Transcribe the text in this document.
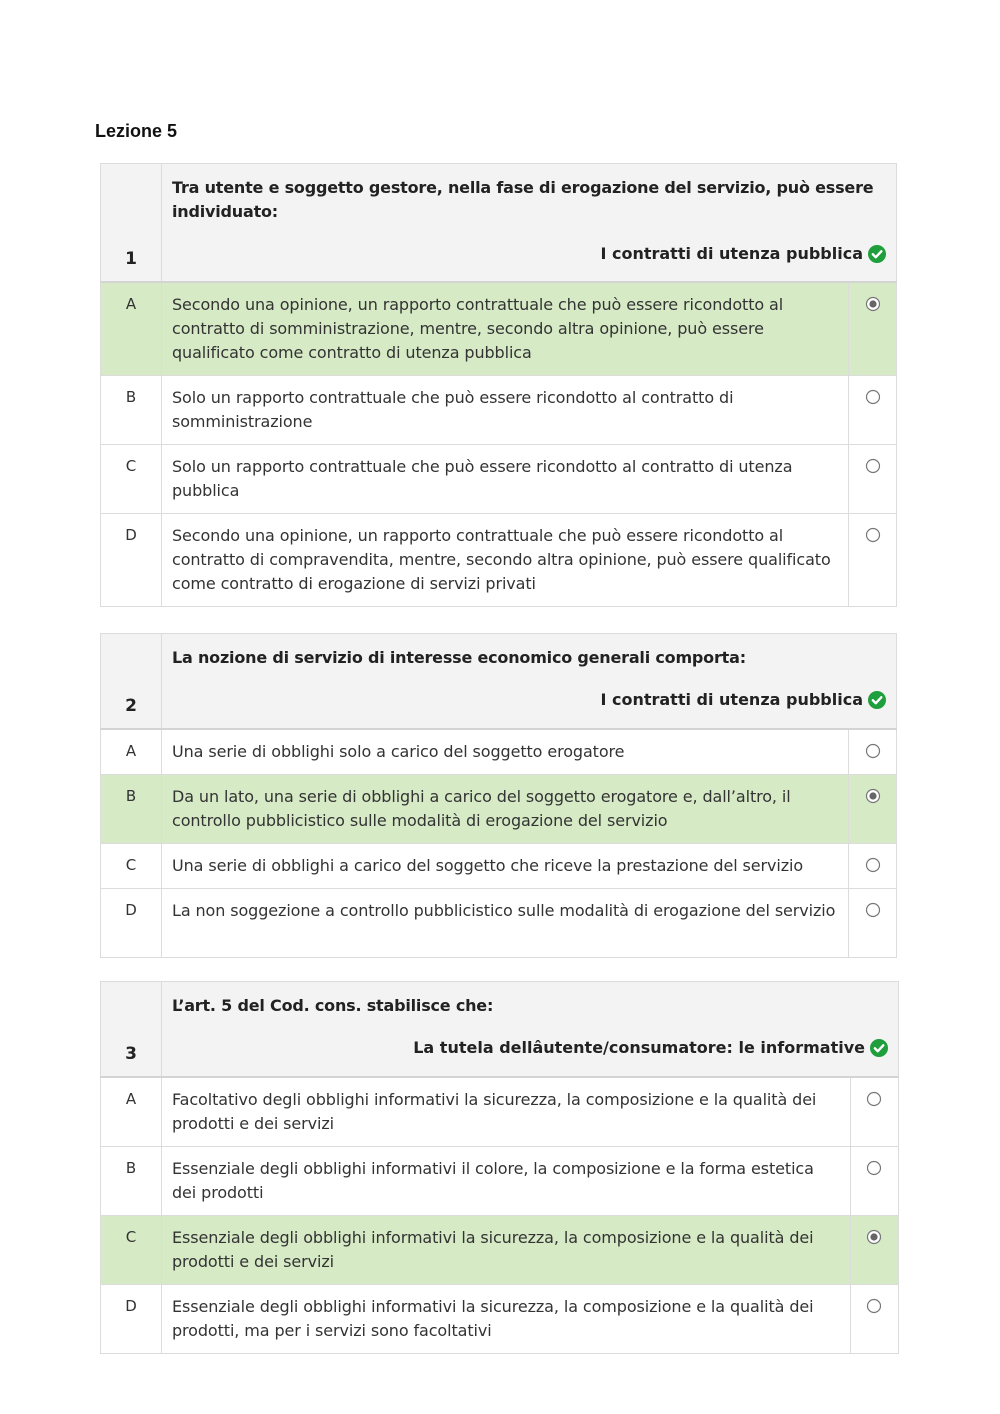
Lezione 5
1	Tra utente e soggetto gestore, nella fase di erogazione del servizio, può essere individuato:
I contratti di utenza pubblica	

A	Secondo una opinione, un rapporto contrattuale che può essere ricondotto al contratto di somministrazione, mentre, secondo altra opinione, può essere qualificato come contratto di utenza pubblica	
B	Solo un rapporto contrattuale che può essere ricondotto al contratto di somministrazione	
C	Solo un rapporto contrattuale che può essere ricondotto al contratto di utenza pubblica	
D	Secondo una opinione, un rapporto contrattuale che può essere ricondotto al contratto di compravendita, mentre, secondo altra opinione, può essere qualificato come contratto di erogazione di servizi privati	
2	La nozione di servizio di interesse economico generali comporta:
I contratti di utenza pubblica	

A	Una serie di obblighi solo a carico del soggetto erogatore	
B	Da un lato, una serie di obblighi a carico del soggetto erogatore e, dall’altro, il controllo pubblicistico sulle modalità di erogazione del servizio	
C	Una serie di obblighi a carico del soggetto che riceve la prestazione del servizio	
D	La non soggezione a controllo pubblicistico sulle modalità di erogazione del servizio	
3	L’art. 5 del Cod. cons. stabilisce che:
La tutela dellâutente/consumatore: le informative	

A	Facoltativo degli obblighi informativi la sicurezza, la composizione e la qualità dei prodotti e dei servizi	
B	Essenziale degli obblighi informativi il colore, la composizione e la forma estetica dei prodotti	
C	Essenziale degli obblighi informativi la sicurezza, la composizione e la qualità dei prodotti e dei servizi	
D	Essenziale degli obblighi informativi la sicurezza, la composizione e la qualità dei prodotti, ma per i servizi sono facoltativi	
